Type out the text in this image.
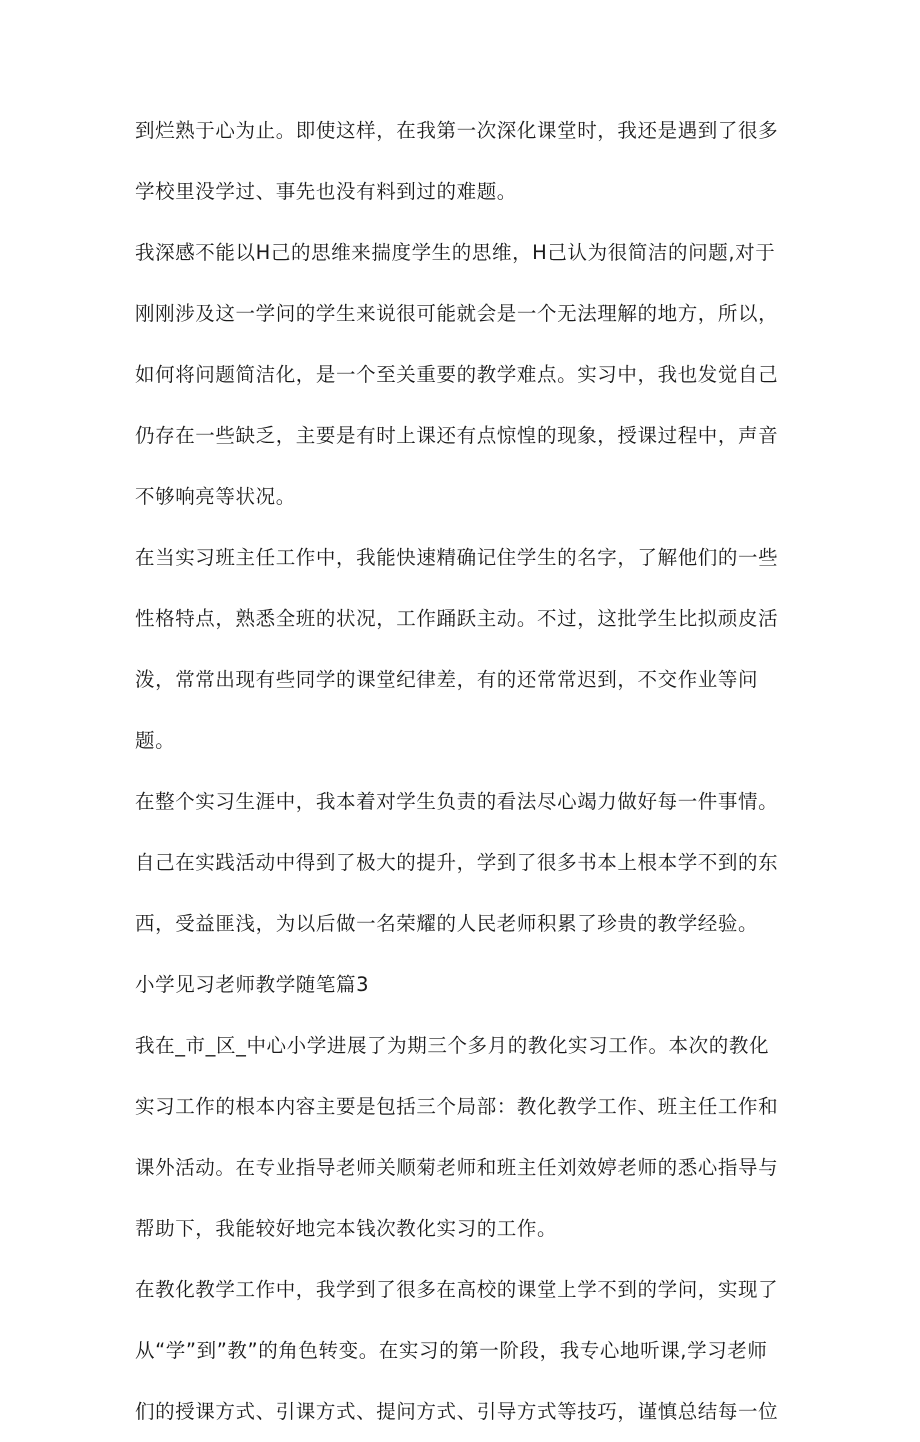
到烂熟于心为止。即使这样，在我第一次深化课堂时，我还是遇到了很多
学校里没学过、事先也没有料到过的难题。
我深感不能以H己的思维来揣度学生的思维，H己认为很简洁的问题,对于
刚刚涉及这一学问的学生来说很可能就会是一个无法理解的地方，所以，
如何将问题简洁化，是一个至关重要的教学难点。实习中，我也发觉自己
仍存在一些缺乏，主要是有时上课还有点惊惶的现象，授课过程中，声音
不够响亮等状况。
在当实习班主任工作中，我能快速精确记住学生的名字，了解他们的一些
性格特点，熟悉全班的状况，工作踊跃主动。不过，这批学生比拟顽皮活
泼，常常出现有些同学的课堂纪律差，有的还常常迟到，不交作业等问
题。
在整个实习生涯中，我本着对学生负责的看法尽心竭力做好每一件事情。
自己在实践活动中得到了极大的提升，学到了很多书本上根本学不到的东
西，受益匪浅，为以后做一名荣耀的人民老师积累了珍贵的教学经验。
小学见习老师教学随笔篇3
我在_市_区_中心小学进展了为期三个多月的教化实习工作。本次的教化
实习工作的根本内容主要是包括三个局部：教化教学工作、班主任工作和
课外活动。在专业指导老师关顺菊老师和班主任刘效婷老师的悉心指导与
帮助下，我能较好地完本钱次教化实习的工作。
在教化教学工作中，我学到了很多在高校的课堂上学不到的学问，实现了
从“学”到”教”的角色转变。在实习的第一阶段，我专心地听课,学习老师
们的授课方式、引课方式、提问方式、引导方式等技巧，谨慎总结每一位
